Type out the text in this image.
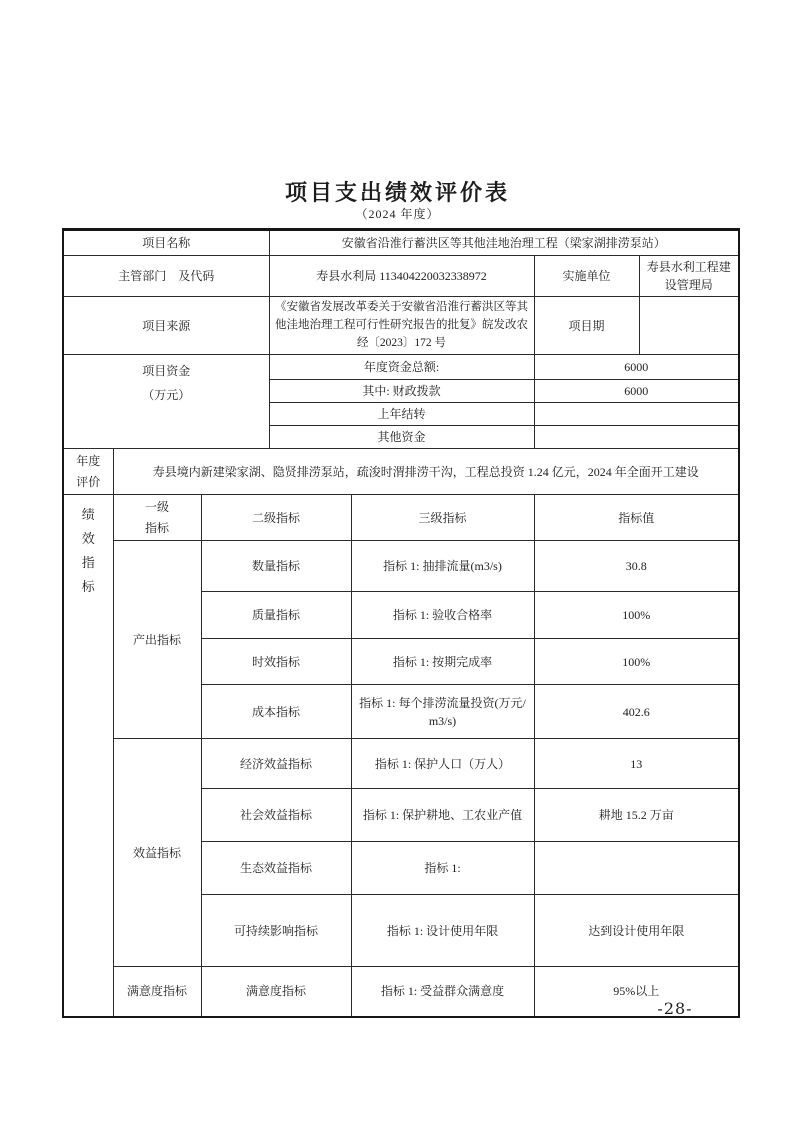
项目支出绩效评价表
（2024 年度）
项目名称			安徽省沿淮行蓄洪区等其他洼地治理工程（梁家湖排涝泵站）			
主管部门　及代码			寿县水利局 113404220032338972		实施单位	寿县水利工程建设管理局
项目来源			《安徽省发展改革委关于安徽省沿淮行蓄洪区等其他洼地治理工程可行性研究报告的批复》皖发改农经〔2023〕172 号		项目期	

项目资金
（万元）			年度资金总额:		6000	
			其中: 财政拨款		6000	
			上年结转			
			其他资金			
年度评价	寿县境内新建梁家湖、隐贤排涝泵站，疏浚时渭排涝干沟，工程总投资 1.24 亿元，2024 年全面开工建设					
绩效指标	一级指标	二级指标		三级指标	指标值	
	产出指标	数量指标		指标 1: 抽排流量(m3/s)	30.8	
		质量指标		指标 1: 验收合格率	100%	
		时效指标		指标 1: 按期完成率	100%	
		成本指标		指标 1: 每个排涝流量投资(万元/m3/s)	402.6	
	效益指标	经济效益指标		指标 1: 保护人口（万人）	13	
		社会效益指标		指标 1: 保护耕地、工农业产值	耕地 15.2 万亩	
		生态效益指标		指标 1:		
		可持续影响指标		指标 1: 设计使用年限	达到设计使用年限	
	满意度指标	满意度指标		指标 1: 受益群众满意度	95%以上	
-28-
